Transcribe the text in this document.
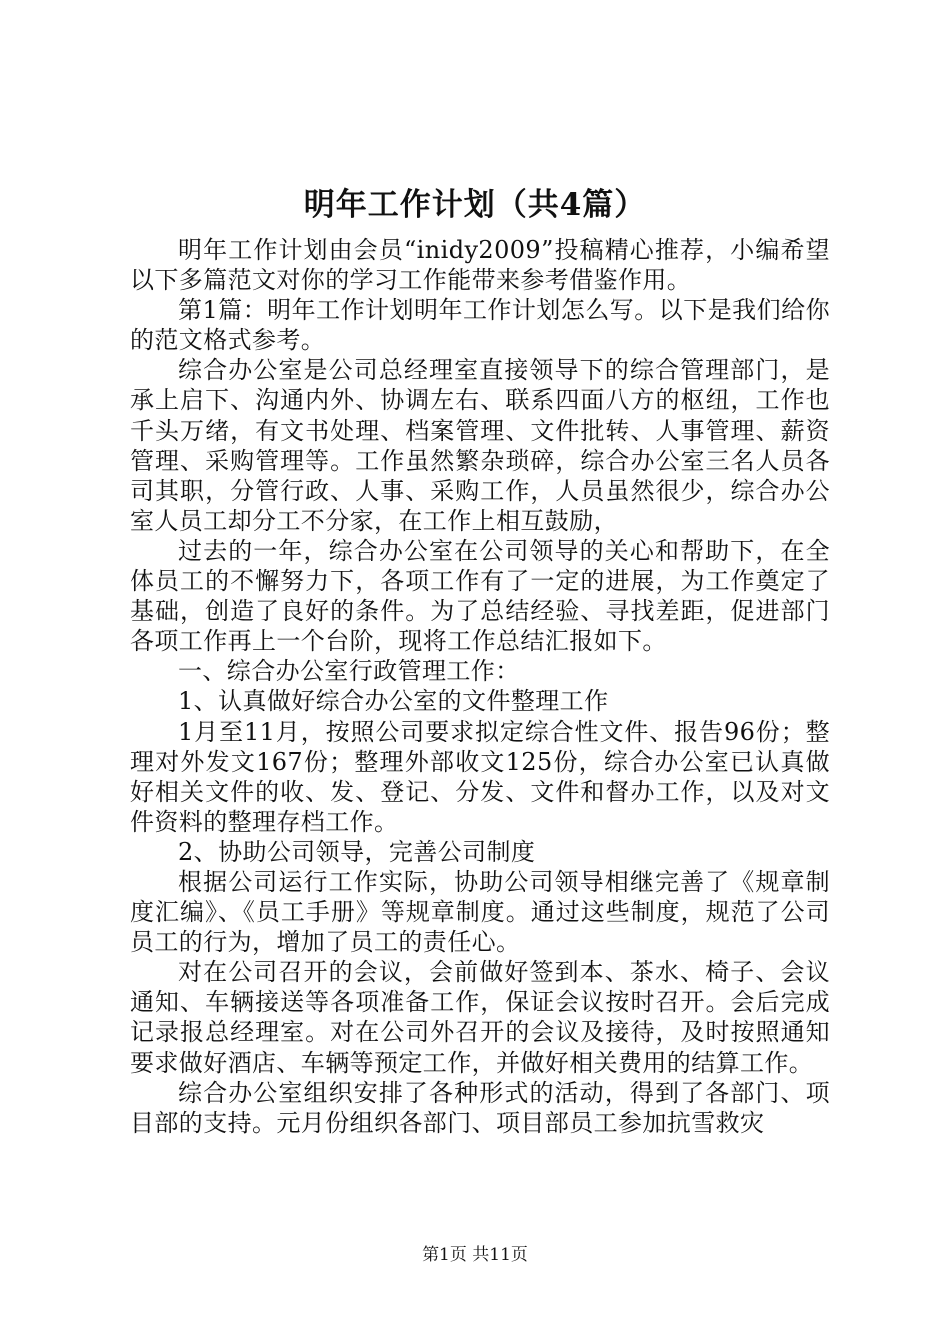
明年工作计划（共4篇）

明年工作计划由会员“inidy2009”投稿精心推荐，小编希望以下多篇范文对你的学习工作能带来参考借鉴作用。

第1篇：明年工作计划明年工作计划怎么写。以下是我们给你的范文格式参考。

综合办公室是公司总经理室直接领导下的综合管理部门，是承上启下、沟通内外、协调左右、联系四面八方的枢纽，工作也千头万绪，有文书处理、档案管理、文件批转、人事管理、薪资管理、采购管理等。工作虽然繁杂琐碎，综合办公室三名人员各司其职，分管行政、人事、采购工作，人员虽然很少，综合办公室人员工却分工不分家，在工作上相互鼓励，

过去的一年，综合办公室在公司领导的关心和帮助下，在全体员工的不懈努力下，各项工作有了一定的进展，为工作奠定了基础，创造了良好的条件。为了总结经验、寻找差距，促进部门各项工作再上一个台阶，现将工作总结汇报如下。

一、综合办公室行政管理工作：

1、认真做好综合办公室的文件整理工作

1月至11月，按照公司要求拟定综合性文件、报告96份；整理对外发文167份；整理外部收文125份，综合办公室已认真做好相关文件的收、发、登记、分发、文件和督办工作，以及对文件资料的整理存档工作。

2、协助公司领导，完善公司制度

根据公司运行工作实际，协助公司领导相继完善了《规章制度汇编》、《员工手册》等规章制度。通过这些制度，规范了公司员工的行为，增加了员工的责任心。

对在公司召开的会议，会前做好签到本、茶水、椅子、会议通知、车辆接送等各项准备工作，保证会议按时召开。会后完成记录报总经理室。对在公司外召开的会议及接待，及时按照通知要求做好酒店、车辆等预定工作，并做好相关费用的结算工作。

综合办公室组织安排了各种形式的活动，得到了各部门、项目部的支持。元月份组织各部门、项目部员工参加抗雪救灾

第1页 共11页
